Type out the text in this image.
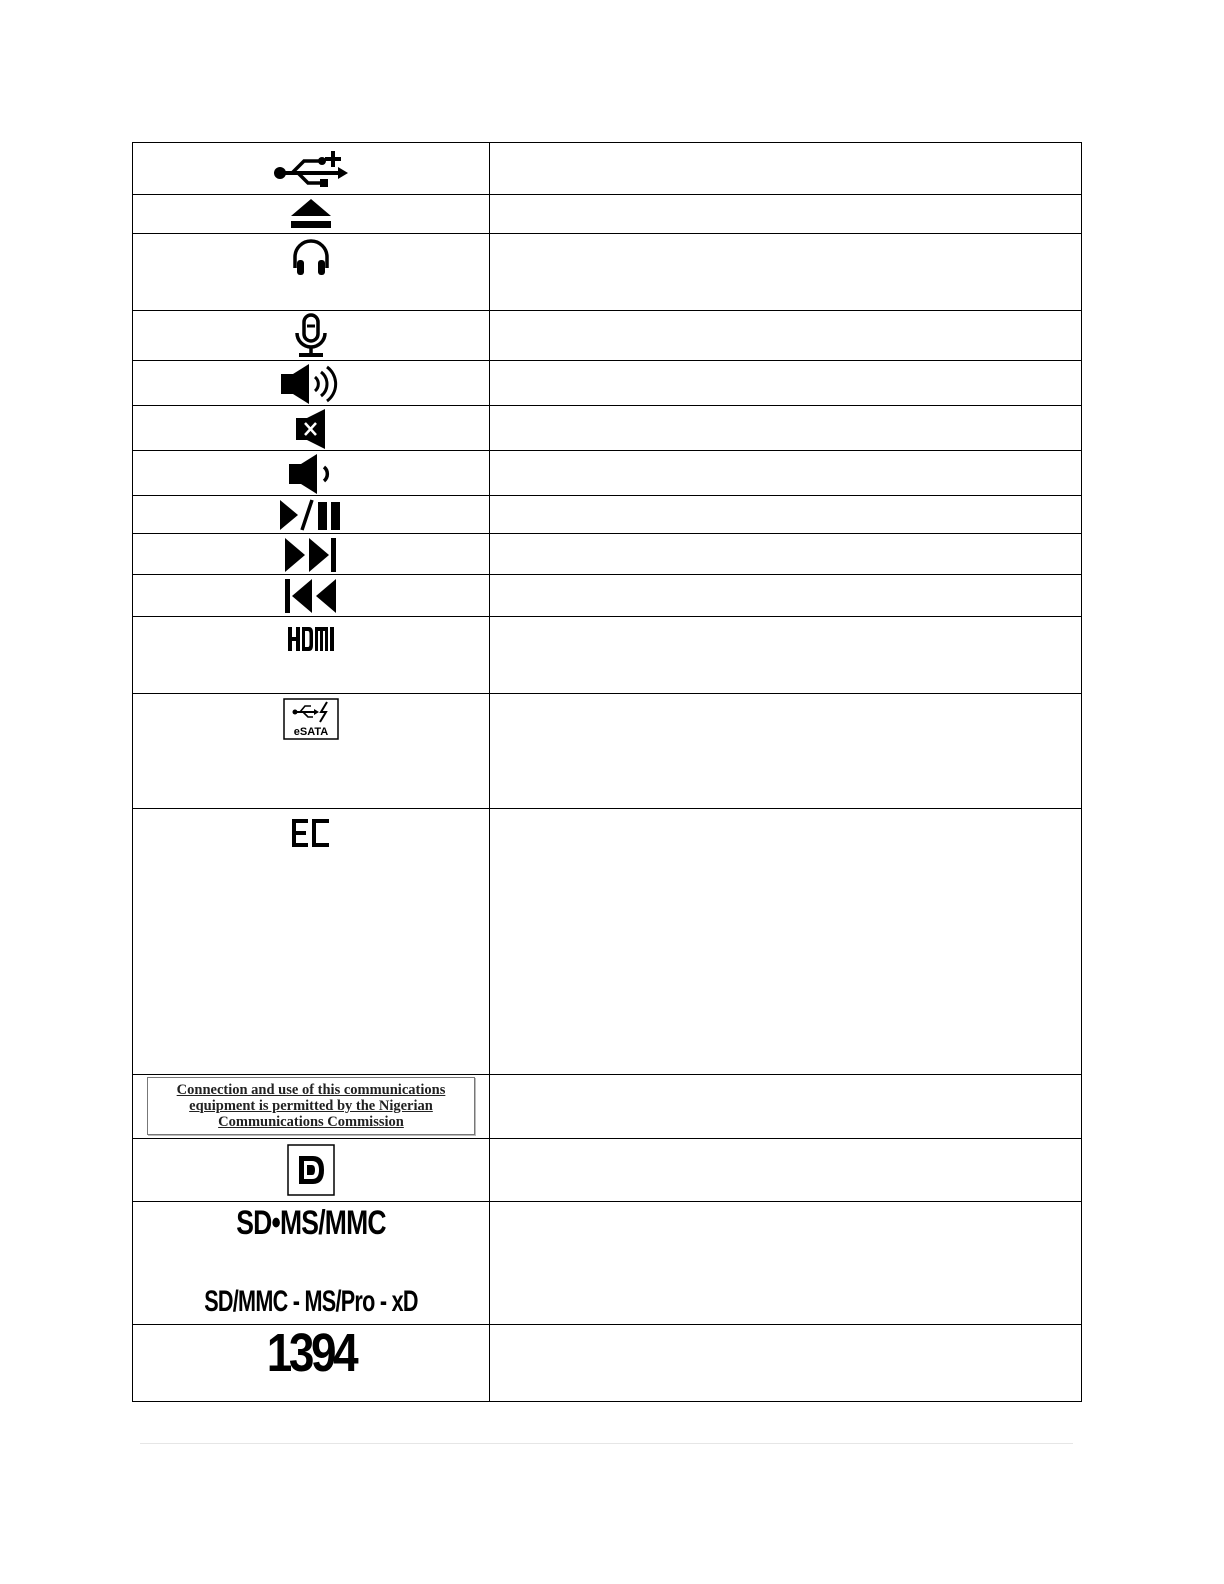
eSATA	

EC	

Connection and use of this communications
equipment is permitted by the Nigerian
Communications Commission	

SD•MS/MMC
SD/MMC - MS/Pro - xD	

1394	
